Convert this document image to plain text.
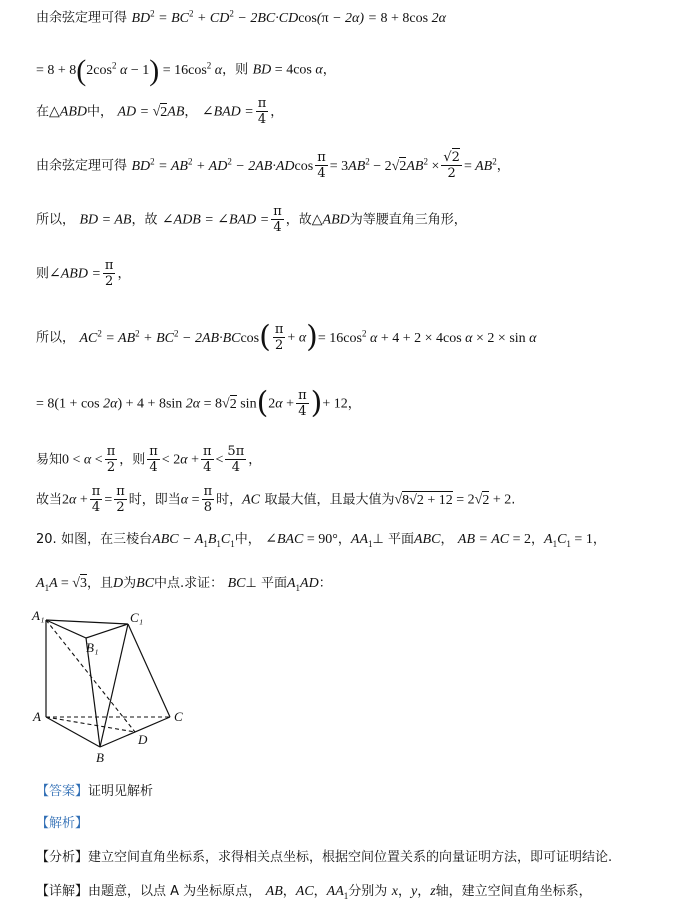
由余弦定理可得 $BD^2 = BC^2 + CD^2 - 2BC\cdot CDcos(\pi - 2\alpha) = 8 + 8\cos$ 2α
= $8 + 8(2\cos^2$ $\alpha - 1) = 16\cos^2$ α，则 BD = 4cos α，
在△ABD中， AD = √2AB， ∠BAD = $\frac{\pi}{4}$ ，
由余弦定理可得 $BD^2 = AB^2 + AD^2 - 2AB\cdot ADcos \frac{\pi}{4} = 3AB^2 - 2√2AB^2 \times \frac{√2}{2} = AB^2$，
所以， BD = AB，故 ∠ADB = ∠BAD = $\frac{\pi}{4}$ ，故△ABD为等腰直角三角形，
则∠ABD = $\frac{\pi}{2}$ ，
所以， $AC^2 = AB^2 + BC^2 - 2AB\cdot BCcos( \frac{\pi}{2} + \alpha)= 16\cos^2$ α + 4 + 2 × 4cos α × 2 × sin α
= 8(1 + cos 2α) + 4 + 8sin 2α = 8√2 $\sin(2\alpha + \frac{\pi}{4}$ )+ 12，
易知$0 < \alpha < \frac{\pi}{2}$ ，则 $\frac{\pi}{4} < 2\alpha + \frac{\pi}{4} < \frac{5\pi}{4}$ ，
故当$2\alpha + \frac{\pi}{4} = \frac{\pi}{2}$ 时，即当$\alpha = \frac{\pi}{8}$ 时，AC 取最大值，且最大值为√8√2 + 12 = 2√2 + 2.
20. 如图，在三棱台ABC − $A_1B_1C_1$中， ∠BAC = 90°，$AA_1\perp$ 平面ABC， AB = AC = 2，$A_1C_1 = 1$，
$A_1A = √3$，且D为BC中点.求证： BC⊥ 平面$A_1AD$：
A₁	C₁
B₁
A	C
D
B
【答案】证明见解析
【解析】
【分析】建立空间直角坐标系，求得相关点坐标，根据空间位置关系的向量证明方法，即可证明结论.
【详解】由题意，以点 A 为坐标原点， AB，AC，$AA_1$分别为 x，y，z轴，建立空间直角坐标系，
